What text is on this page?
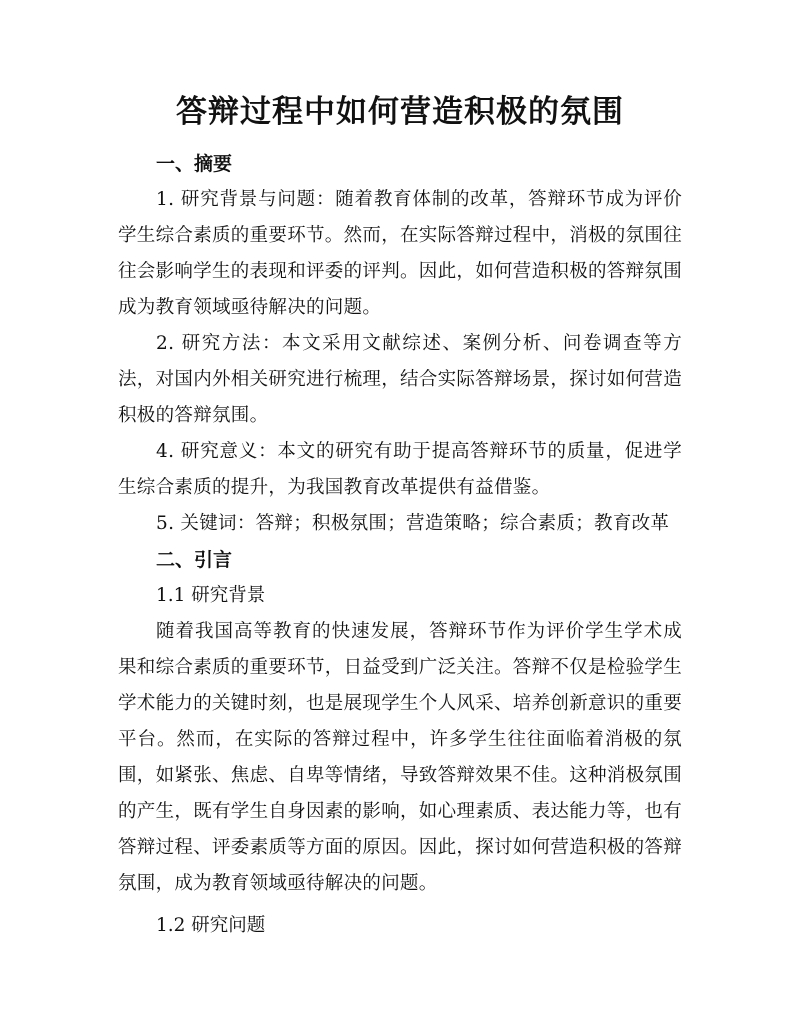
答辩过程中如何营造积极的氛围
一、摘要

1. 研究背景与问题：随着教育体制的改革，答辩环节成为评价学生综合素质的重要环节。然而，在实际答辩过程中，消极的氛围往往会影响学生的表现和评委的评判。因此，如何营造积极的答辩氛围成为教育领域亟待解决的问题。

2. 研究方法：本文采用文献综述、案例分析、问卷调查等方法，对国内外相关研究进行梳理，结合实际答辩场景，探讨如何营造积极的答辩氛围。

4. 研究意义：本文的研究有助于提高答辩环节的质量，促进学生综合素质的提升，为我国教育改革提供有益借鉴。

5. 关键词：答辩；积极氛围；营造策略；综合素质；教育改革

二、引言

1.1 研究背景

随着我国高等教育的快速发展，答辩环节作为评价学生学术成果和综合素质的重要环节，日益受到广泛关注。答辩不仅是检验学生学术能力的关键时刻，也是展现学生个人风采、培养创新意识的重要平台。然而，在实际的答辩过程中，许多学生往往面临着消极的氛围，如紧张、焦虑、自卑等情绪，导致答辩效果不佳。这种消极氛围的产生，既有学生自身因素的影响，如心理素质、表达能力等，也有答辩过程、评委素质等方面的原因。因此，探讨如何营造积极的答辩氛围，成为教育领域亟待解决的问题。

1.2 研究问题
